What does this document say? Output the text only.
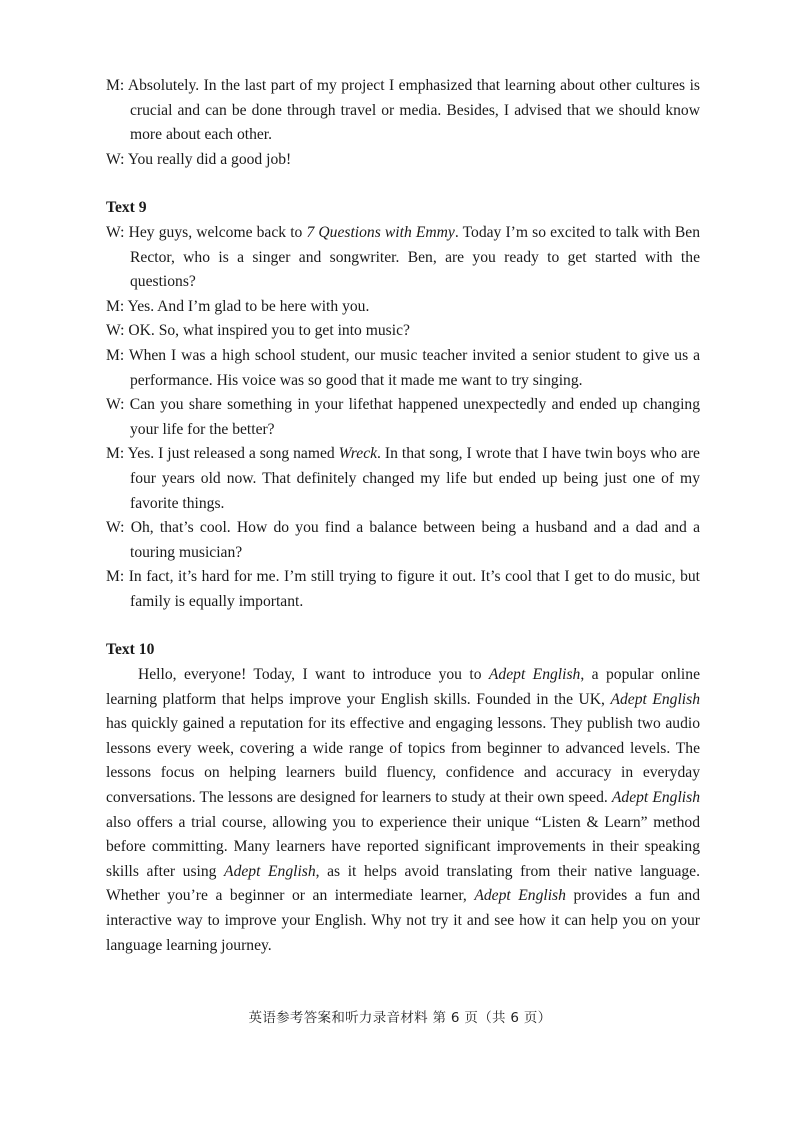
M: Absolutely. In the last part of my project I emphasized that learning about other cultures is crucial and can be done through travel or media. Besides, I advised that we should know more about each other.

W: You really did a good job!

Text 9

W: Hey guys, welcome back to 7 Questions with Emmy. Today I’m so excited to talk with Ben Rector, who is a singer and songwriter. Ben, are you ready to get started with the questions?

M: Yes. And I’m glad to be here with you.

W: OK. So, what inspired you to get into music?

M: When I was a high school student, our music teacher invited a senior student to give us a performance. His voice was so good that it made me want to try singing.

W: Can you share something in your lifethat happened unexpectedly and ended up changing your life for the better?

M: Yes. I just released a song named Wreck. In that song, I wrote that I have twin boys who are four years old now. That definitely changed my life but ended up being just one of my favorite things.

W: Oh, that’s cool. How do you find a balance between being a husband and a dad and a touring musician?

M: In fact, it’s hard for me. I’m still trying to figure it out. It’s cool that I get to do music, but family is equally important.

Text 10

Hello, everyone! Today, I want to introduce you to Adept English, a popular online learning platform that helps improve your English skills. Founded in the UK, Adept English has quickly gained a reputation for its effective and engaging lessons. They publish two audio lessons every week, covering a wide range of topics from beginner to advanced levels. The lessons focus on helping learners build fluency, confidence and accuracy in everyday conversations. The lessons are designed for learners to study at their own speed. Adept English also offers a trial course, allowing you to experience their unique “Listen & Learn” method before committing. Many learners have reported significant improvements in their speaking skills after using Adept English, as it helps avoid translating from their native language. Whether you’re a beginner or an intermediate learner, Adept English provides a fun and interactive way to improve your English. Why not try it and see how it can help you on your language learning journey.

英语参考答案和听力录音材料 第 6 页（共 6 页）
